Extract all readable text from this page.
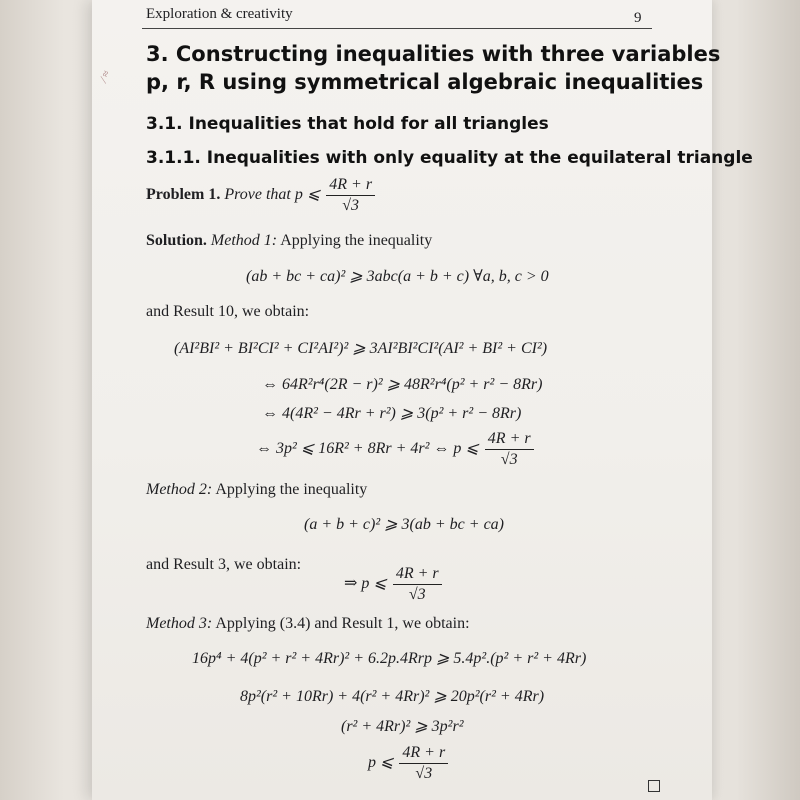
⁄ ≈
Exploration & creativity	9
3. Constructing inequalities with three variables
p, r, R using symmetrical algebraic inequalities
3.1. Inequalities that hold for all triangles
3.1.1. Inequalities with only equality at the equilateral triangle
Problem 1. Prove that p ⩽ $\frac{4R + r}{√3}$
Solution. Method 1: Applying the inequality
(ab + bc + ca)² ⩾ 3abc(a + b + c) ∀a, b, c > 0
and Result 10, we obtain:
(AI²BI² + BI²CI² + CI²AI²)² ⩾ 3AI²BI²CI²(AI² + BI² + CI²)
⇔ 64R²r⁴(2R − r)² ⩾ 48R²r⁴(p² + r² − 8Rr)
⇔ 4(4R² − 4Rr + r²) ⩾ 3(p² + r² − 8Rr)
⇔ 3p² ⩽ 16R² + 8Rr + 4r² ⇔ p ⩽ $\frac{4R + r}{√3}$
Method 2: Applying the inequality
(a + b + c)² ⩾ 3(ab + bc + ca)
and Result 3, we obtain:
⇒ p ⩽ $\frac{4R + r}{√3}$
Method 3: Applying (3.4) and Result 1, we obtain:
16p⁴ + 4(p² + r² + 4Rr)² + 6.2p.4Rrp ⩾ 5.4p².(p² + r² + 4Rr)
8p²(r² + 10Rr) + 4(r² + 4Rr)² ⩾ 20p²(r² + 4Rr)
(r² + 4Rr)² ⩾ 3p²r²
p ⩽ $\frac{4R + r}{√3}$
